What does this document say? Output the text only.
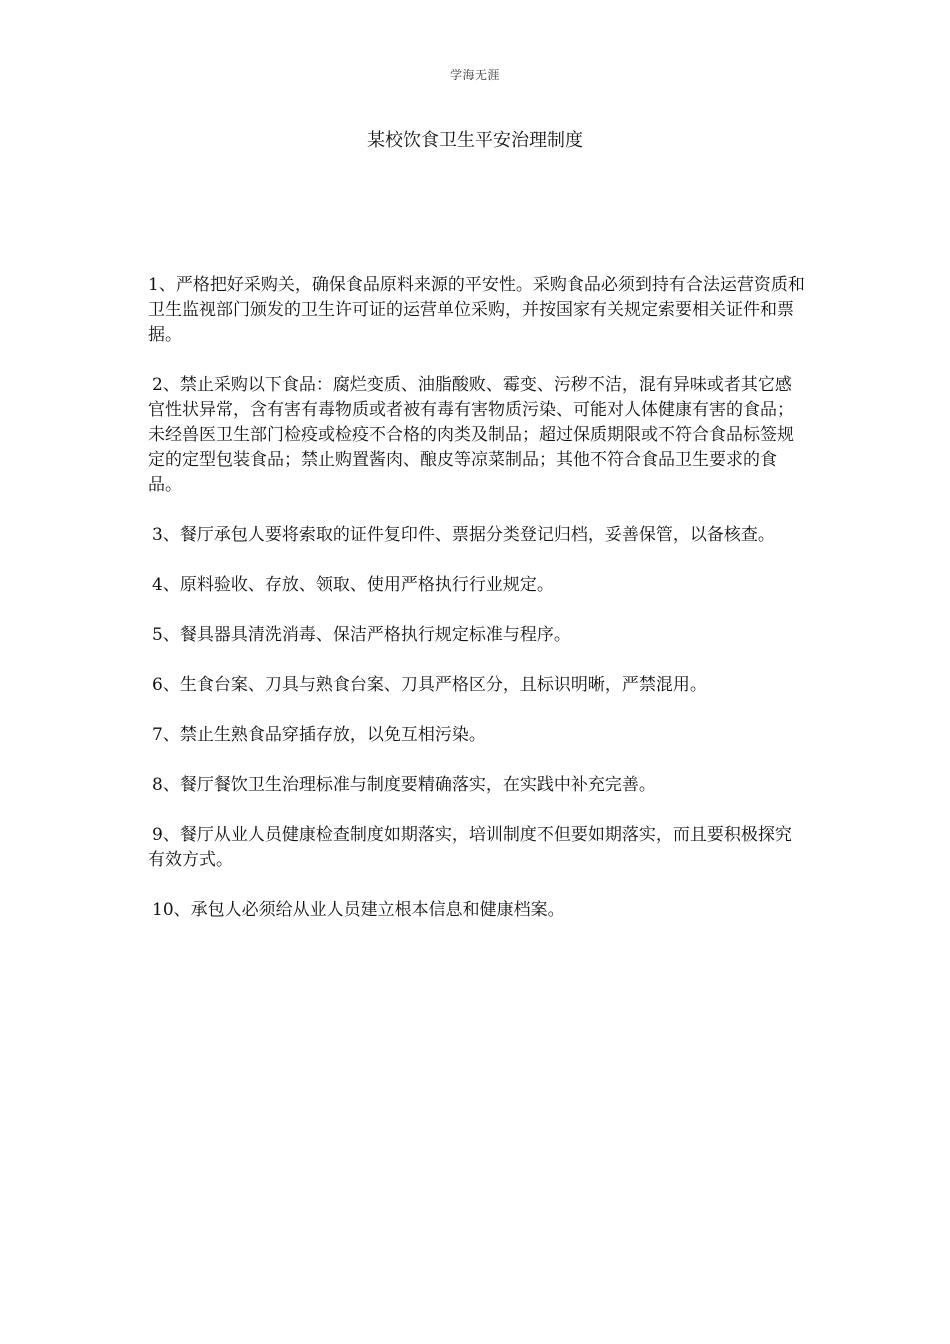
学海无涯
某校饮食卫生平安治理制度

1、严格把好采购关，确保食品原料来源的平安性。采购食品必须到持有合法运营资质和卫生监视部门颁发的卫生许可证的运营单位采购，并按国家有关规定索要相关证件和票据。

2、禁止采购以下食品：腐烂变质、油脂酸败、霉变、污秽不洁，混有异味或者其它感官性状异常，含有害有毒物质或者被有毒有害物质污染、可能对人体健康有害的食品；未经兽医卫生部门检疫或检疫不合格的肉类及制品；超过保质期限或不符合食品标签规定的定型包装食品；禁止购置酱肉、酿皮等凉菜制品；其他不符合食品卫生要求的食品。

3、餐厅承包人要将索取的证件复印件、票据分类登记归档，妥善保管，以备核查。

4、原料验收、存放、领取、使用严格执行行业规定。

5、餐具器具清洗消毒、保洁严格执行规定标准与程序。

6、生食台案、刀具与熟食台案、刀具严格区分，且标识明晰，严禁混用。

7、禁止生熟食品穿插存放，以免互相污染。

8、餐厅餐饮卫生治理标准与制度要精确落实，在实践中补充完善。

9、餐厅从业人员健康检查制度如期落实，培训制度不但要如期落实，而且要积极探究有效方式。

10、承包人必须给从业人员建立根本信息和健康档案。
